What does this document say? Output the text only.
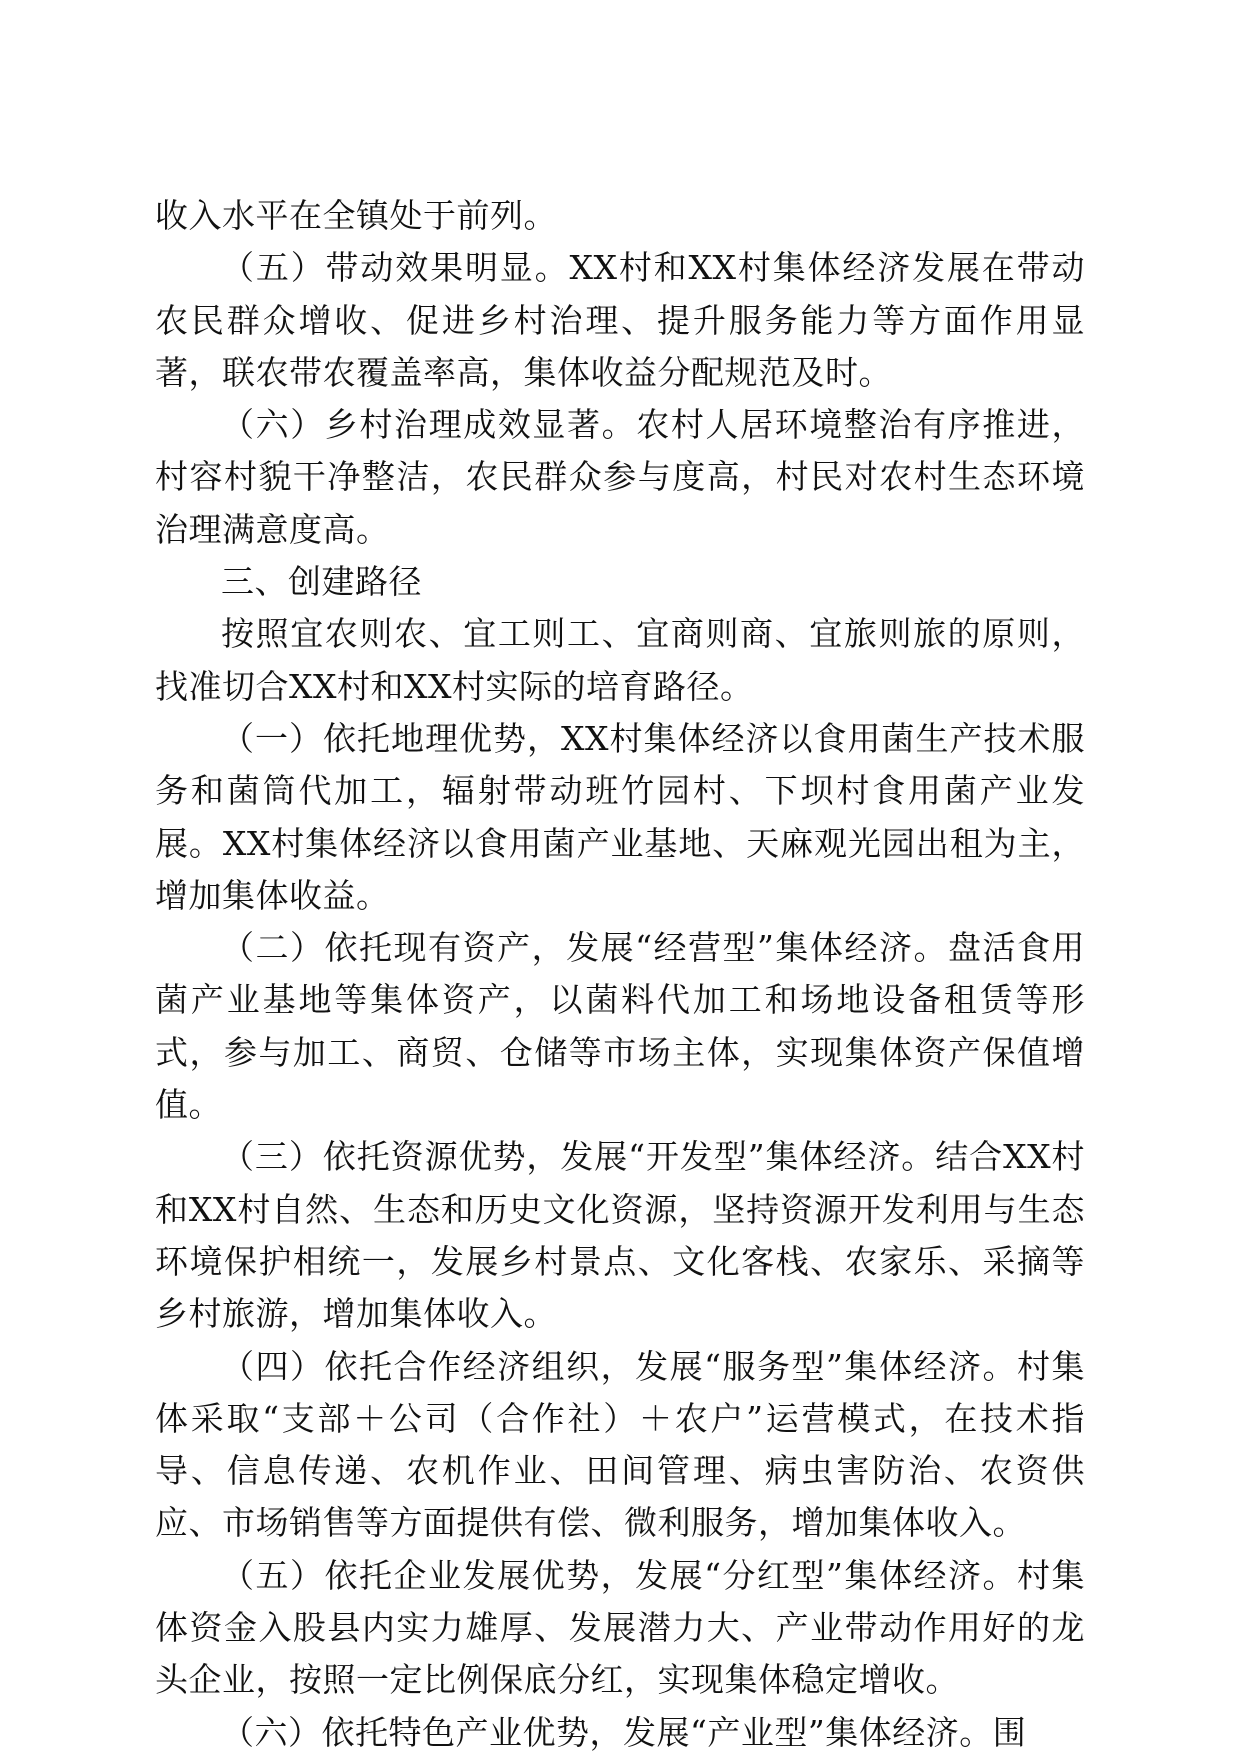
收入水平在全镇处于前列。

（五）带动效果明显。XX村和XX村集体经济发展在带动农民群众增收、促进乡村治理、提升服务能力等方面作用显著，联农带农覆盖率高，集体收益分配规范及时。

（六）乡村治理成效显著。农村人居环境整治有序推进，村容村貌干净整洁，农民群众参与度高，村民对农村生态环境治理满意度高。

三、创建路径

按照宜农则农、宜工则工、宜商则商、宜旅则旅的原则，找准切合XX村和XX村实际的培育路径。

（一）依托地理优势，XX村集体经济以食用菌生产技术服务和菌筒代加工，辐射带动班竹园村、下坝村食用菌产业发展。XX村集体经济以食用菌产业基地、天麻观光园出租为主，增加集体收益。

（二）依托现有资产，发展“经营型”集体经济。盘活食用菌产业基地等集体资产，以菌料代加工和场地设备租赁等形式，参与加工、商贸、仓储等市场主体，实现集体资产保值增值。

（三）依托资源优势，发展“开发型”集体经济。结合XX村和XX村自然、生态和历史文化资源，坚持资源开发利用与生态环境保护相统一，发展乡村景点、文化客栈、农家乐、采摘等乡村旅游，增加集体收入。

（四）依托合作经济组织，发展“服务型”集体经济。村集体采取“支部＋公司（合作社）＋农户”运营模式，在技术指导、信息传递、农机作业、田间管理、病虫害防治、农资供应、市场销售等方面提供有偿、微利服务，增加集体收入。

（五）依托企业发展优势，发展“分红型”集体经济。村集体资金入股县内实力雄厚、发展潜力大、产业带动作用好的龙头企业，按照一定比例保底分红，实现集体稳定增收。

（六）依托特色产业优势，发展“产业型”集体经济。围
